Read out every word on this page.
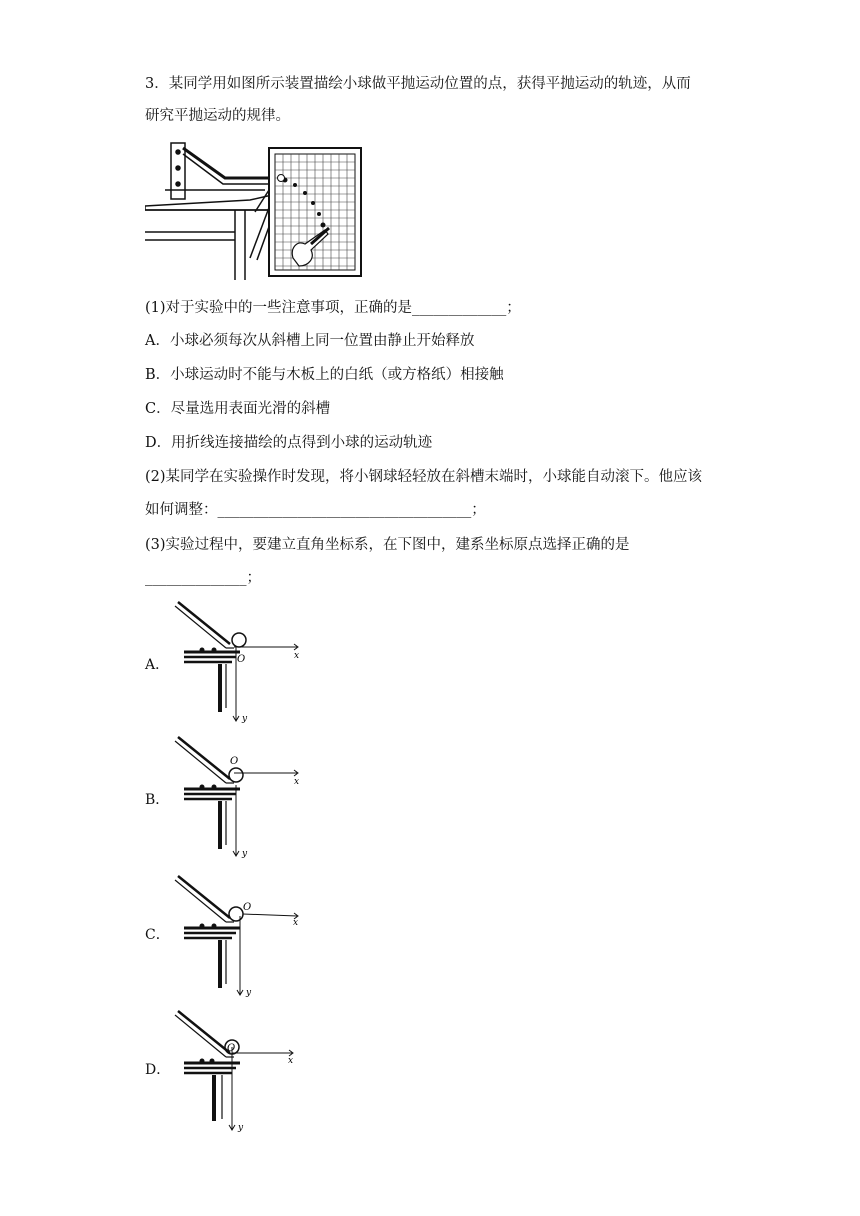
3．某同学用如图所示装置描绘小球做平抛运动位置的点，获得平抛运动的轨迹，从而
研究平抛运动的规律。
(1)对于实验中的一些注意事项，正确的是_____________；
A．小球必须每次从斜槽上同一位置由静止开始释放
B．小球运动时不能与木板上的白纸（或方格纸）相接触
C．尽量选用表面光滑的斜槽
D．用折线连接描绘的点得到小球的运动轨迹
(2)某同学在实验操作时发现，将小钢球轻轻放在斜槽末端时，小球能自动滚下。他应该
如何调整：___________________________________；
(3)实验过程中，要建立直角坐标系，在下图中，建系坐标原点选择正确的是
______________；
A．	O	x
y
B．
O
x
y
C．
O
x
y
D．
O
x
y
